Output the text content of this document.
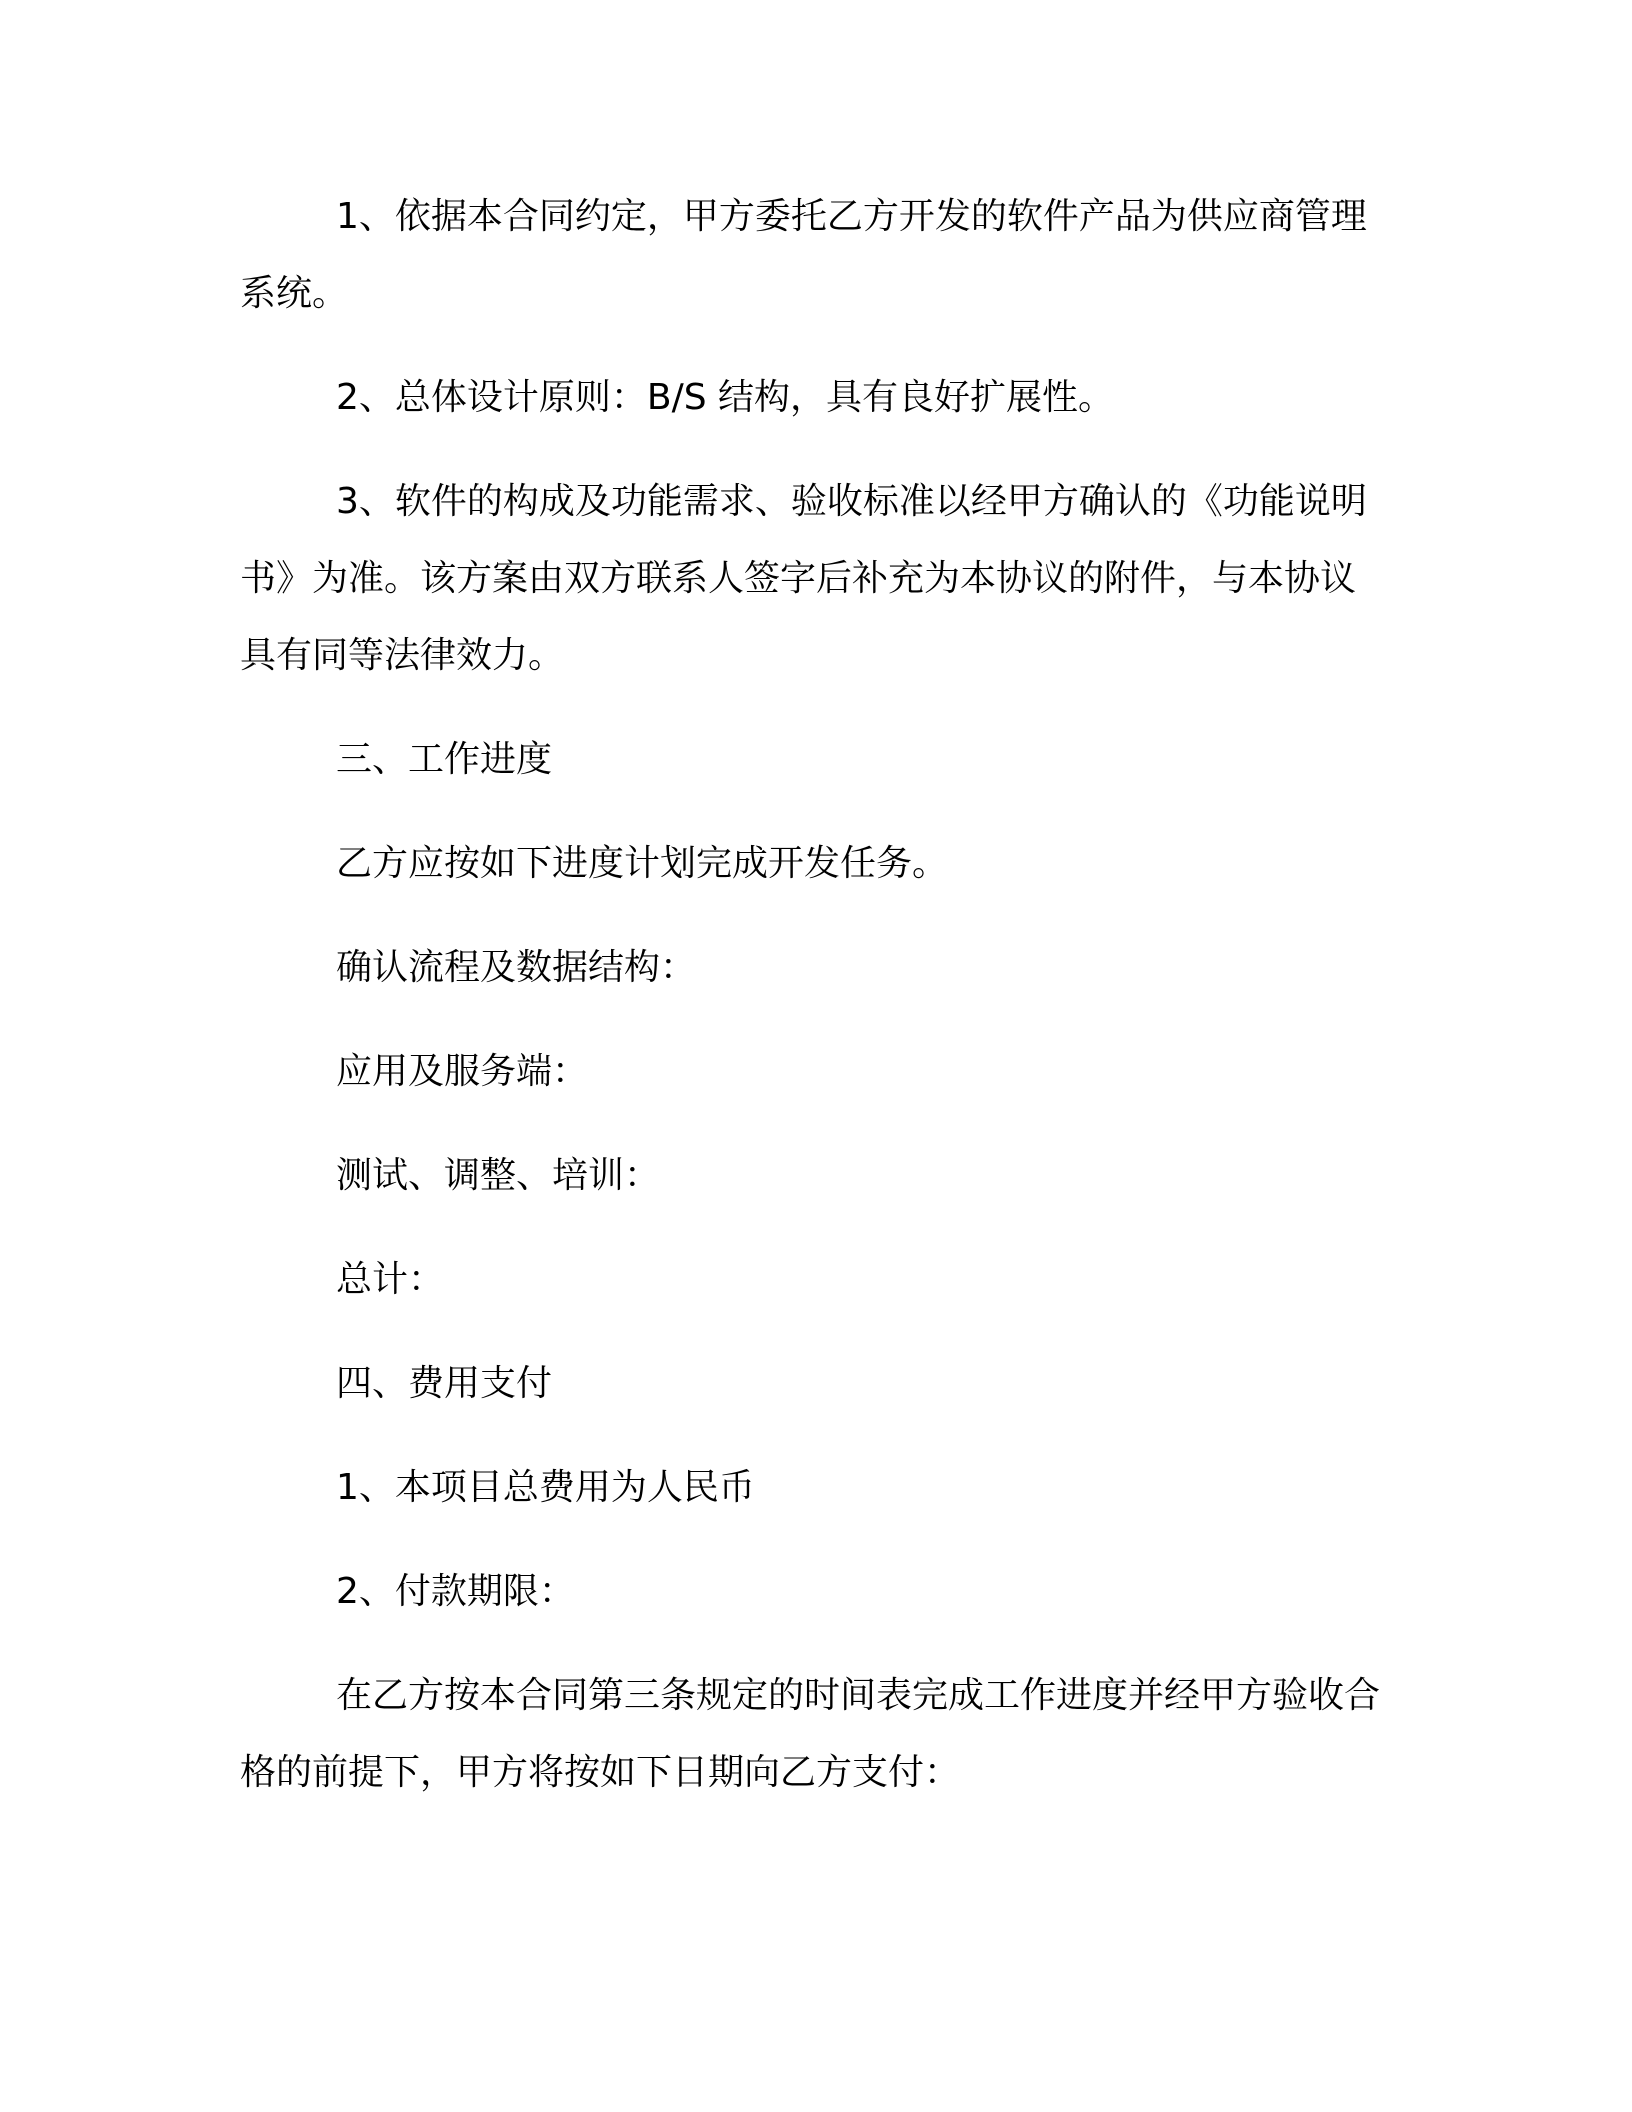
1、依据本合同约定，甲方委托乙方开发的软件产品为供应商管理系统。

2、总体设计原则：B/S 结构，具有良好扩展性。

3、软件的构成及功能需求、验收标准以经甲方确认的《功能说明书》为准。该方案由双方联系人签字后补充为本协议的附件，与本协议具有同等法律效力。

三、工作进度

乙方应按如下进度计划完成开发任务。

确认流程及数据结构：

应用及服务端：

测试、调整、培训：

总计：

四、费用支付

1、本项目总费用为人民币

2、付款期限：

在乙方按本合同第三条规定的时间表完成工作进度并经甲方验收合格的前提下，甲方将按如下日期向乙方支付：
